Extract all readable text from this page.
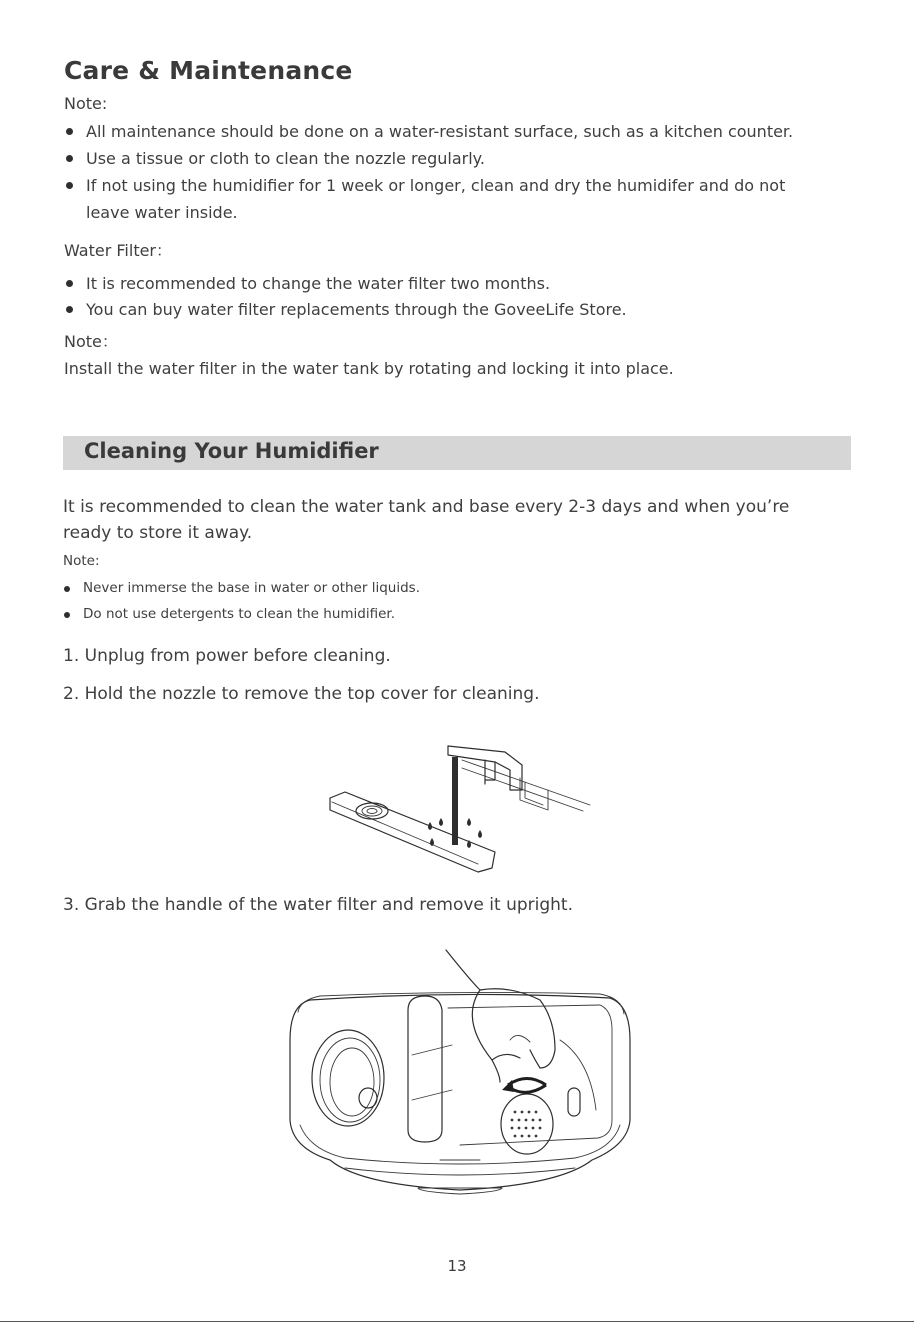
Care & Maintenance
Note:
All maintenance should be done on a water-resistant surface, such as a kitchen counter.
Use a tissue or cloth to clean the nozzle regularly.
If not using the humidifier for 1 week or longer, clean and dry the humidifer and do not
leave water inside.
Water Filter：
It is recommended to change the water filter two months.
You can buy water filter replacements through the GoveeLife Store.
Note：
Install the water filter in the water tank by rotating and locking it into place.
Cleaning Your Humidifier
It is recommended to clean the water tank and base every 2-3 days and when you’re
ready to store it away.
Note:
Never immerse the base in water or other liquids.
Do not use detergents to clean the humidifier.
1. Unplug from power before cleaning.
2. Hold the nozzle to remove the top cover for cleaning.
3. Grab the handle of the water filter and remove it upright.
13
